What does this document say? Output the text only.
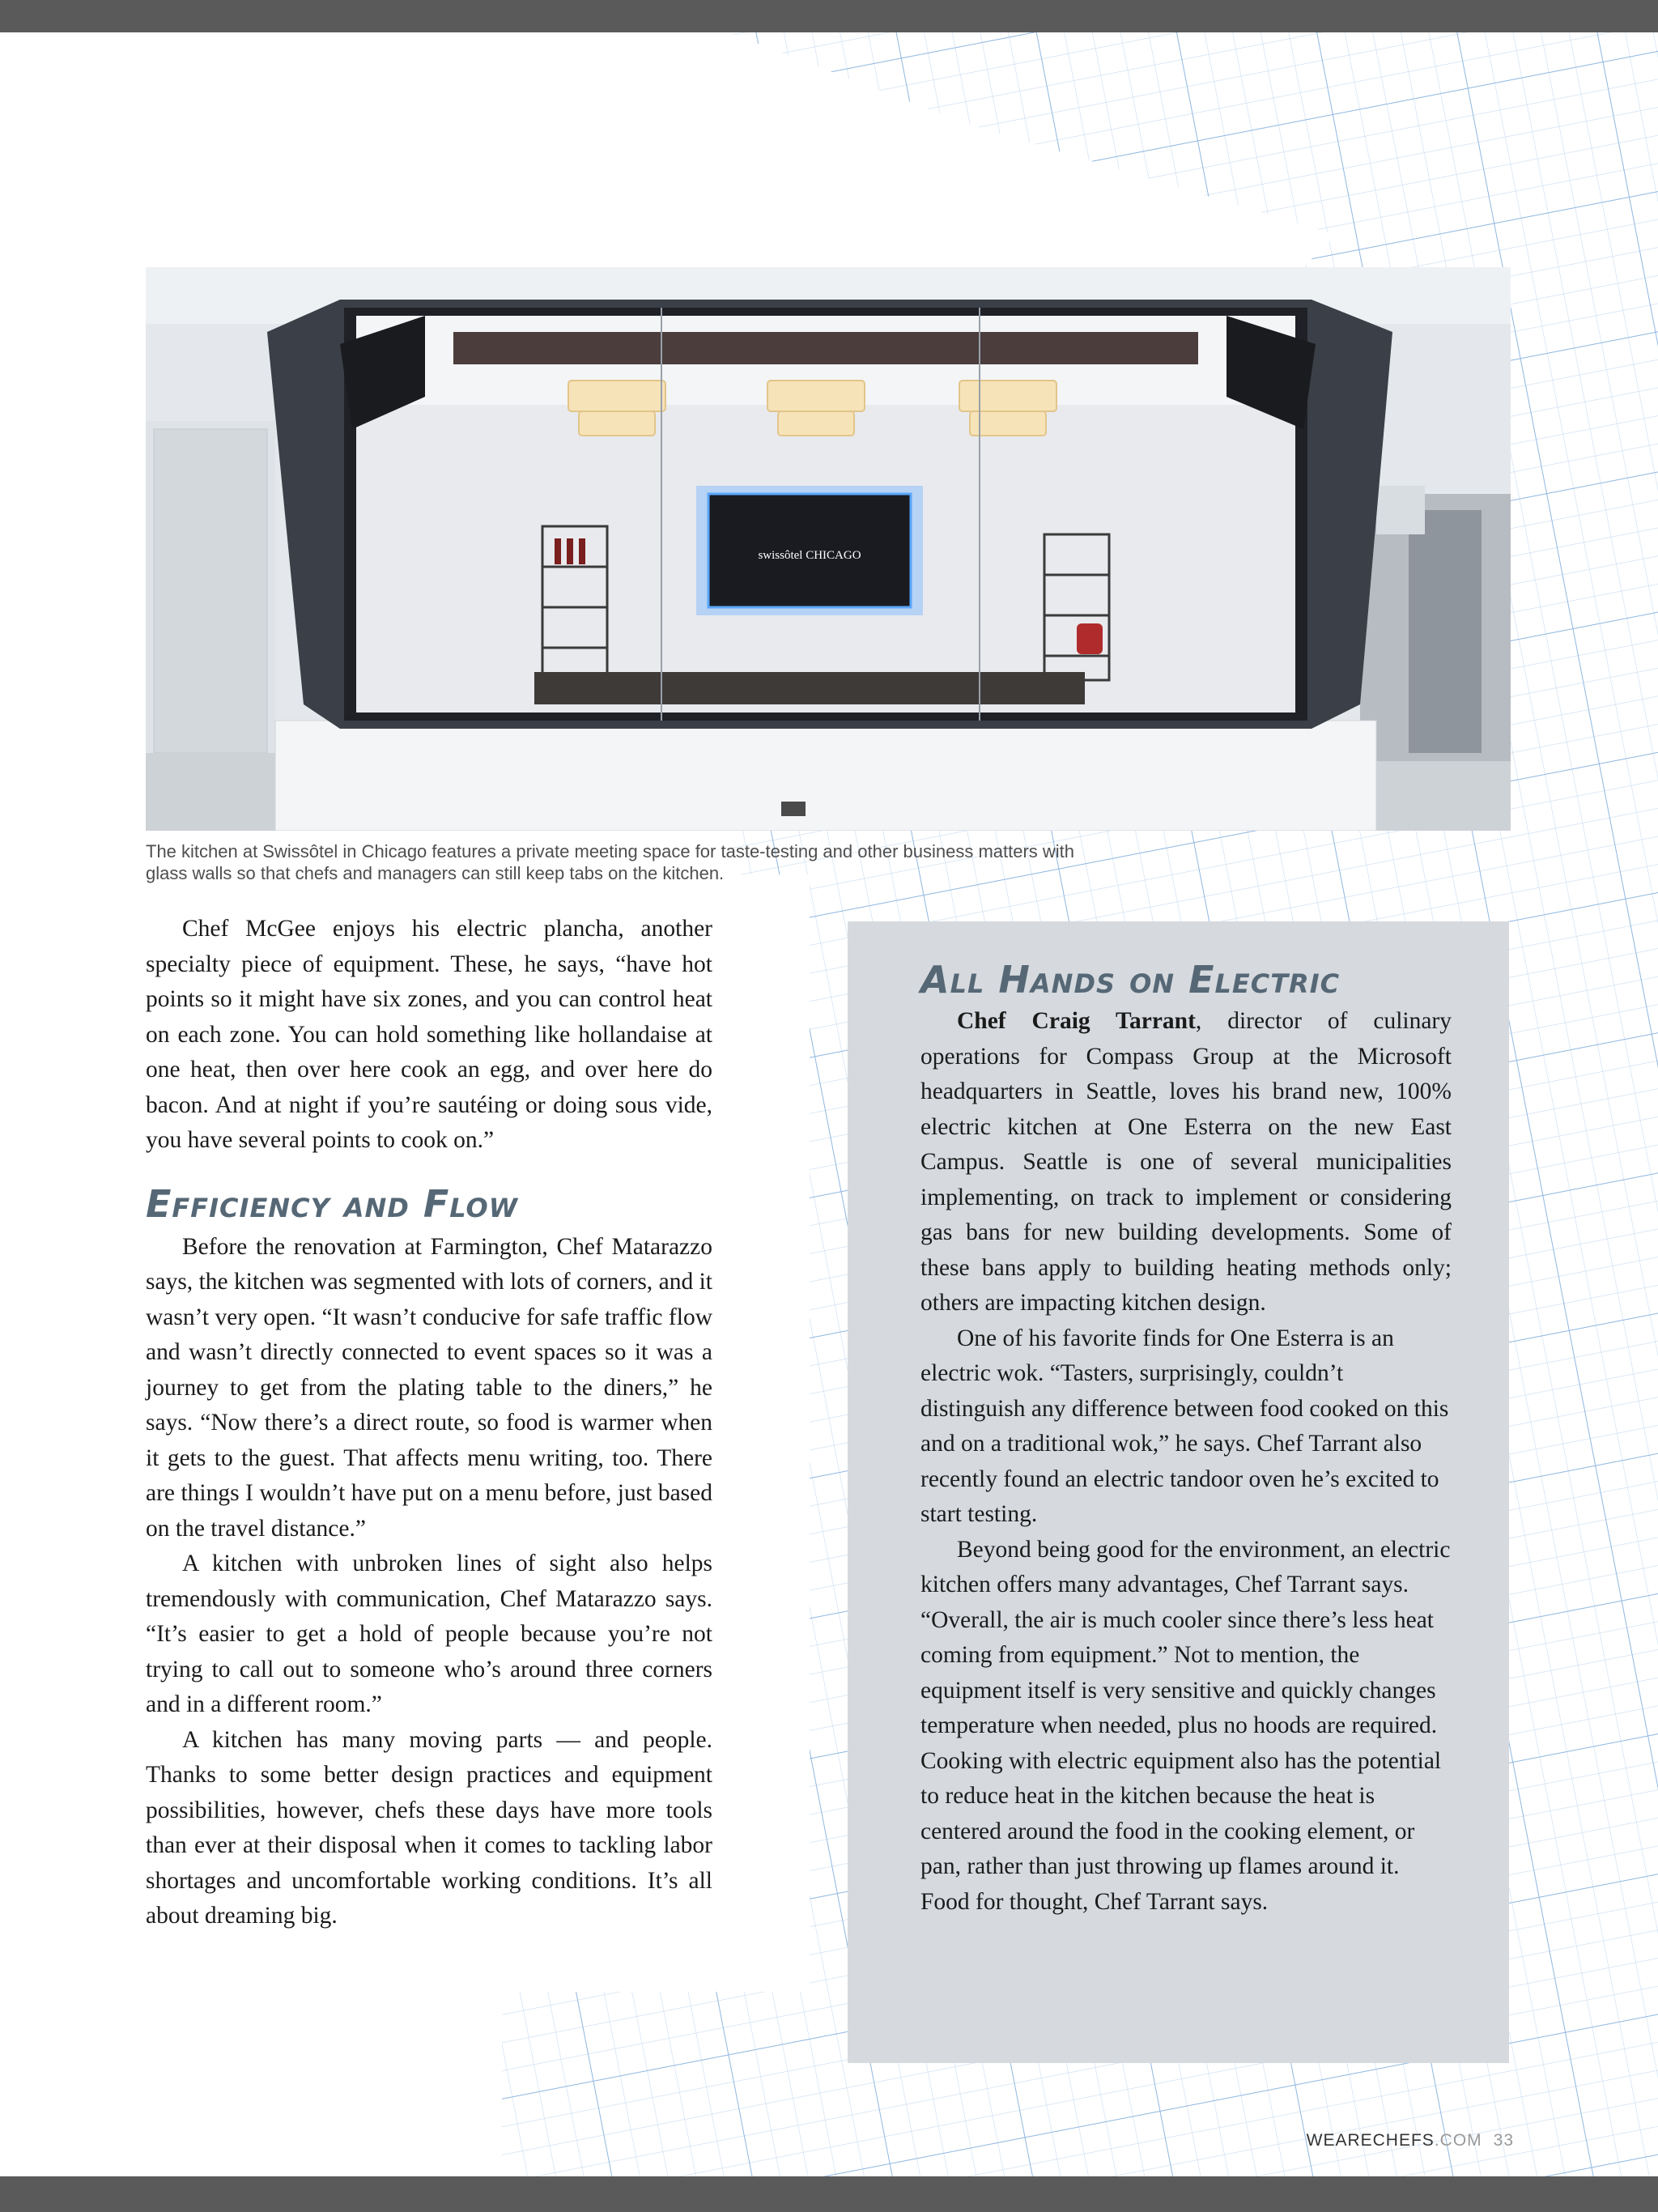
swissôtel CHICAGO
The kitchen at Swissôtel in Chicago features a private meeting space for taste-testing and other business matters with glass walls so that chefs and managers can still keep tabs on the kitchen.

Chef McGee enjoys his electric plancha, another specialty piece of equipment. These, he says, “have hot points so it might have six zones, and you can control heat on each zone. You can hold something like hollandaise at one heat, then over here cook an egg, and over here do bacon. And at night if you’re sautéing or doing sous vide, you have several points to cook on.”

Efficiency and Flow

Before the renovation at Farmington, Chef Matarazzo says, the kitchen was segmented with lots of corners, and it wasn’t very open. “It wasn’t conducive for safe traffic flow and wasn’t directly connected to event spaces so it was a journey to get from the plating table to the diners,” he says. “Now there’s a direct route, so food is warmer when it gets to the guest. That affects menu writing, too. There are things I wouldn’t have put on a menu before, just based on the travel distance.”

A kitchen with unbroken lines of sight also helps tremendously with communication, Chef Matarazzo says. “It’s easier to get a hold of people because you’re not trying to call out to someone who’s around three corners and in a different room.”

A kitchen has many moving parts — and people. Thanks to some better design practices and equipment possibilities, however, chefs these days have more tools than ever at their disposal when it comes to tackling labor shortages and uncomfortable working conditions. It’s all about dreaming big.

All Hands on Electric

Chef Craig Tarrant, director of culinary operations for Compass Group at the Microsoft headquarters in Seattle, loves his brand new, 100% electric kitchen at One Esterra on the new East Campus. Seattle is one of several municipalities implementing, on track to implement or considering gas bans for new building developments. Some of these bans apply to building heating methods only; others are impacting kitchen design.

One of his favorite finds for One Esterra is an electric wok. “Tasters, surprisingly, couldn’t distinguish any difference between food cooked on this and on a traditional wok,” he says. Chef Tarrant also recently found an electric tandoor oven he’s excited to start testing.

Beyond being good for the environment, an electric kitchen offers many advantages, Chef Tarrant says. “Overall, the air is much cooler since there’s less heat coming from equipment.” Not to mention, the equipment itself is very sensitive and quickly changes temperature when needed, plus no hoods are required. Cooking with electric equipment also has the potential to reduce heat in the kitchen because the heat is centered around the food in the cooking element, or pan, rather than just throwing up flames around it. Food for thought, Chef Tarrant says.

WEARECHEFS.COM 33
